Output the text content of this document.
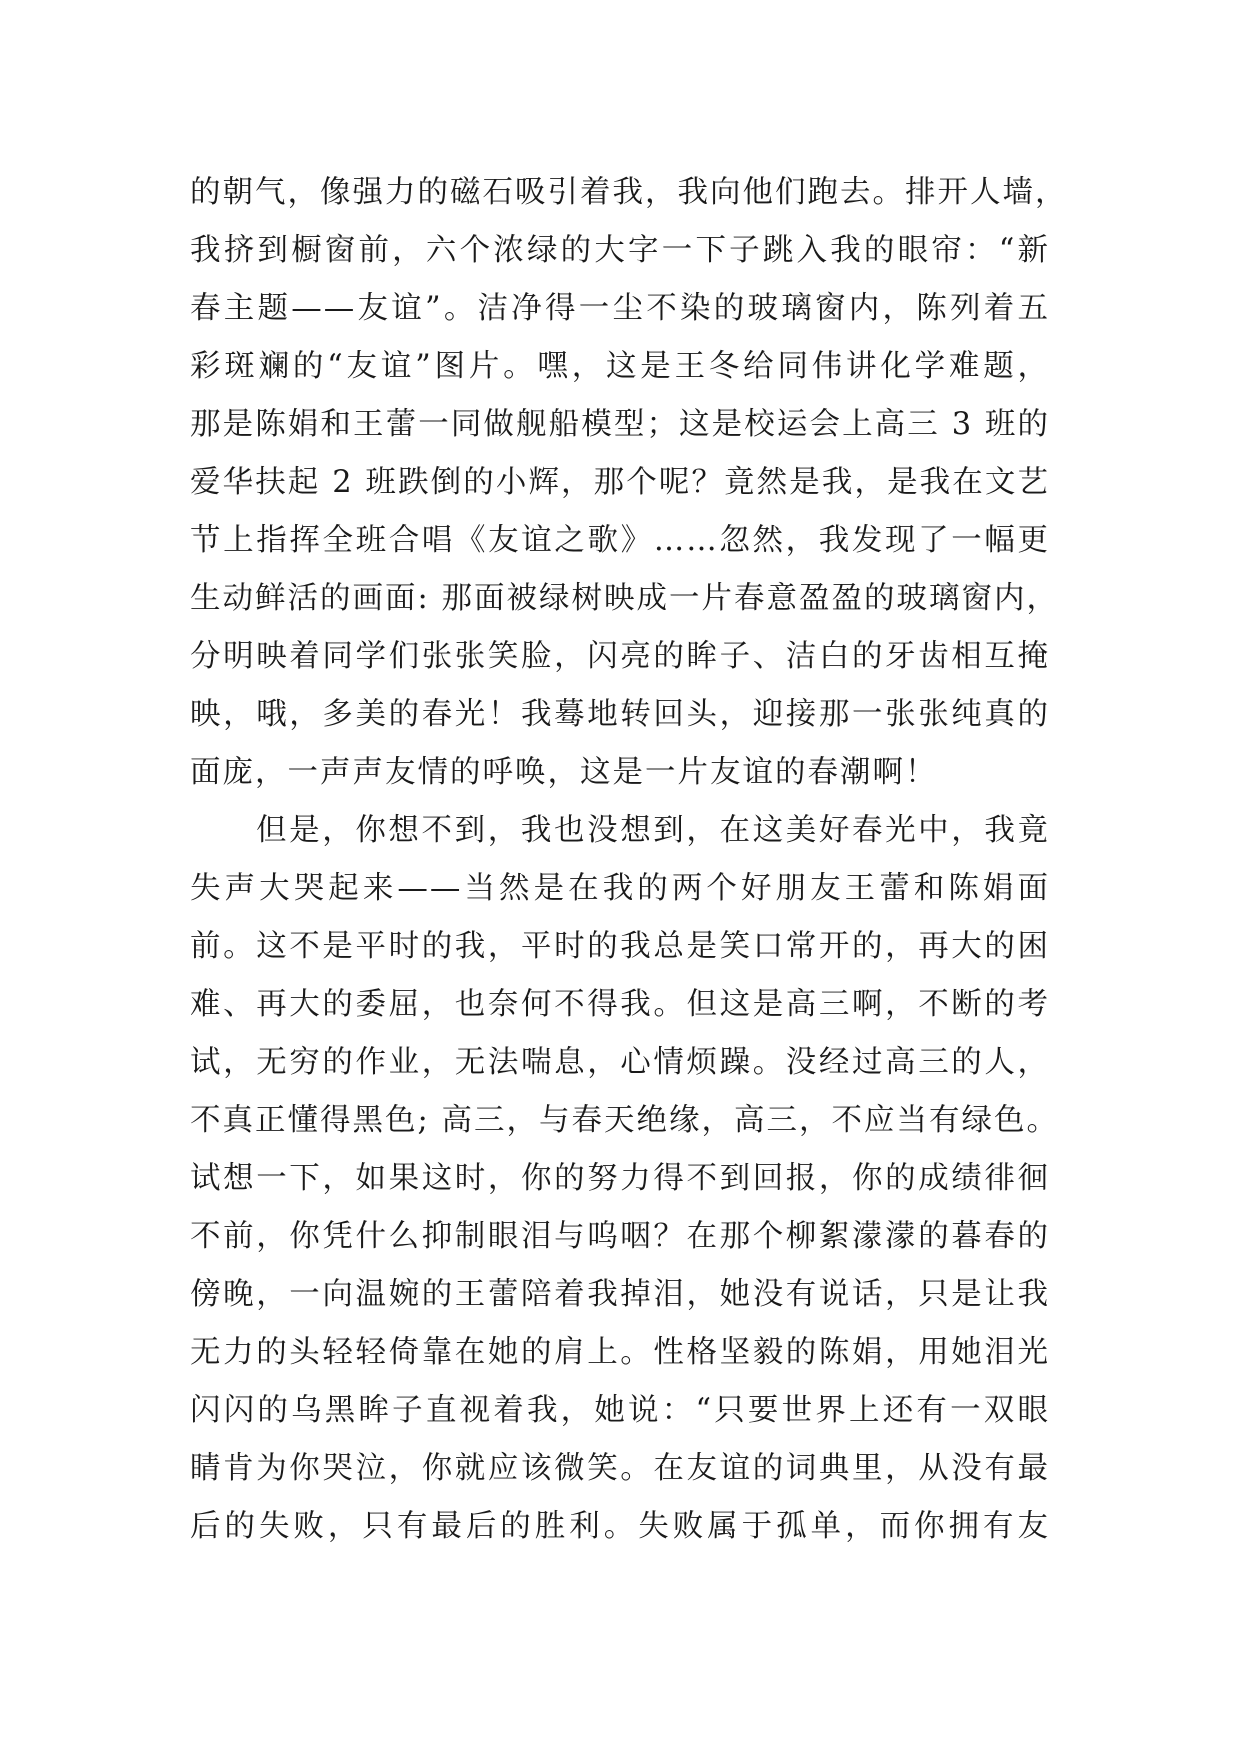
的朝气，像强力的磁石吸引着我，我向他们跑去。排开人墙，
我挤到橱窗前，六个浓绿的大字一下子跳入我的眼帘：“新
春主题——友谊”。洁净得一尘不染的玻璃窗内，陈列着五
彩斑斓的“友谊”图片。嘿，这是王冬给同伟讲化学难题，
那是陈娟和王蕾一同做舰船模型；这是校运会上高三 3 班的
爱华扶起 2 班跌倒的小辉，那个呢？竟然是我，是我在文艺
节上指挥全班合唱《友谊之歌》……忽然，我发现了一幅更
生动鲜活的画面: 那面被绿树映成一片春意盈盈的玻璃窗内，
分明映着同学们张张笑脸，闪亮的眸子、洁白的牙齿相互掩
映，哦，多美的春光！我蓦地转回头，迎接那一张张纯真的
面庞，一声声友情的呼唤，这是一片友谊的春潮啊！
但是，你想不到，我也没想到，在这美好春光中，我竟
失声大哭起来——当然是在我的两个好朋友王蕾和陈娟面
前。这不是平时的我，平时的我总是笑口常开的，再大的困
难、再大的委屈，也奈何不得我。但这是高三啊，不断的考
试，无穷的作业，无法喘息，心情烦躁。没经过高三的人，
不真正懂得黑色; 高三，与春天绝缘，高三，不应当有绿色。
试想一下，如果这时，你的努力得不到回报，你的成绩徘徊
不前，你凭什么抑制眼泪与呜咽？在那个柳絮濛濛的暮春的
傍晚，一向温婉的王蕾陪着我掉泪，她没有说话，只是让我
无力的头轻轻倚靠在她的肩上。性格坚毅的陈娟，用她泪光
闪闪的乌黑眸子直视着我，她说：“只要世界上还有一双眼
睛肯为你哭泣，你就应该微笑。在友谊的词典里，从没有最
后的失败，只有最后的胜利。失败属于孤单，而你拥有友
